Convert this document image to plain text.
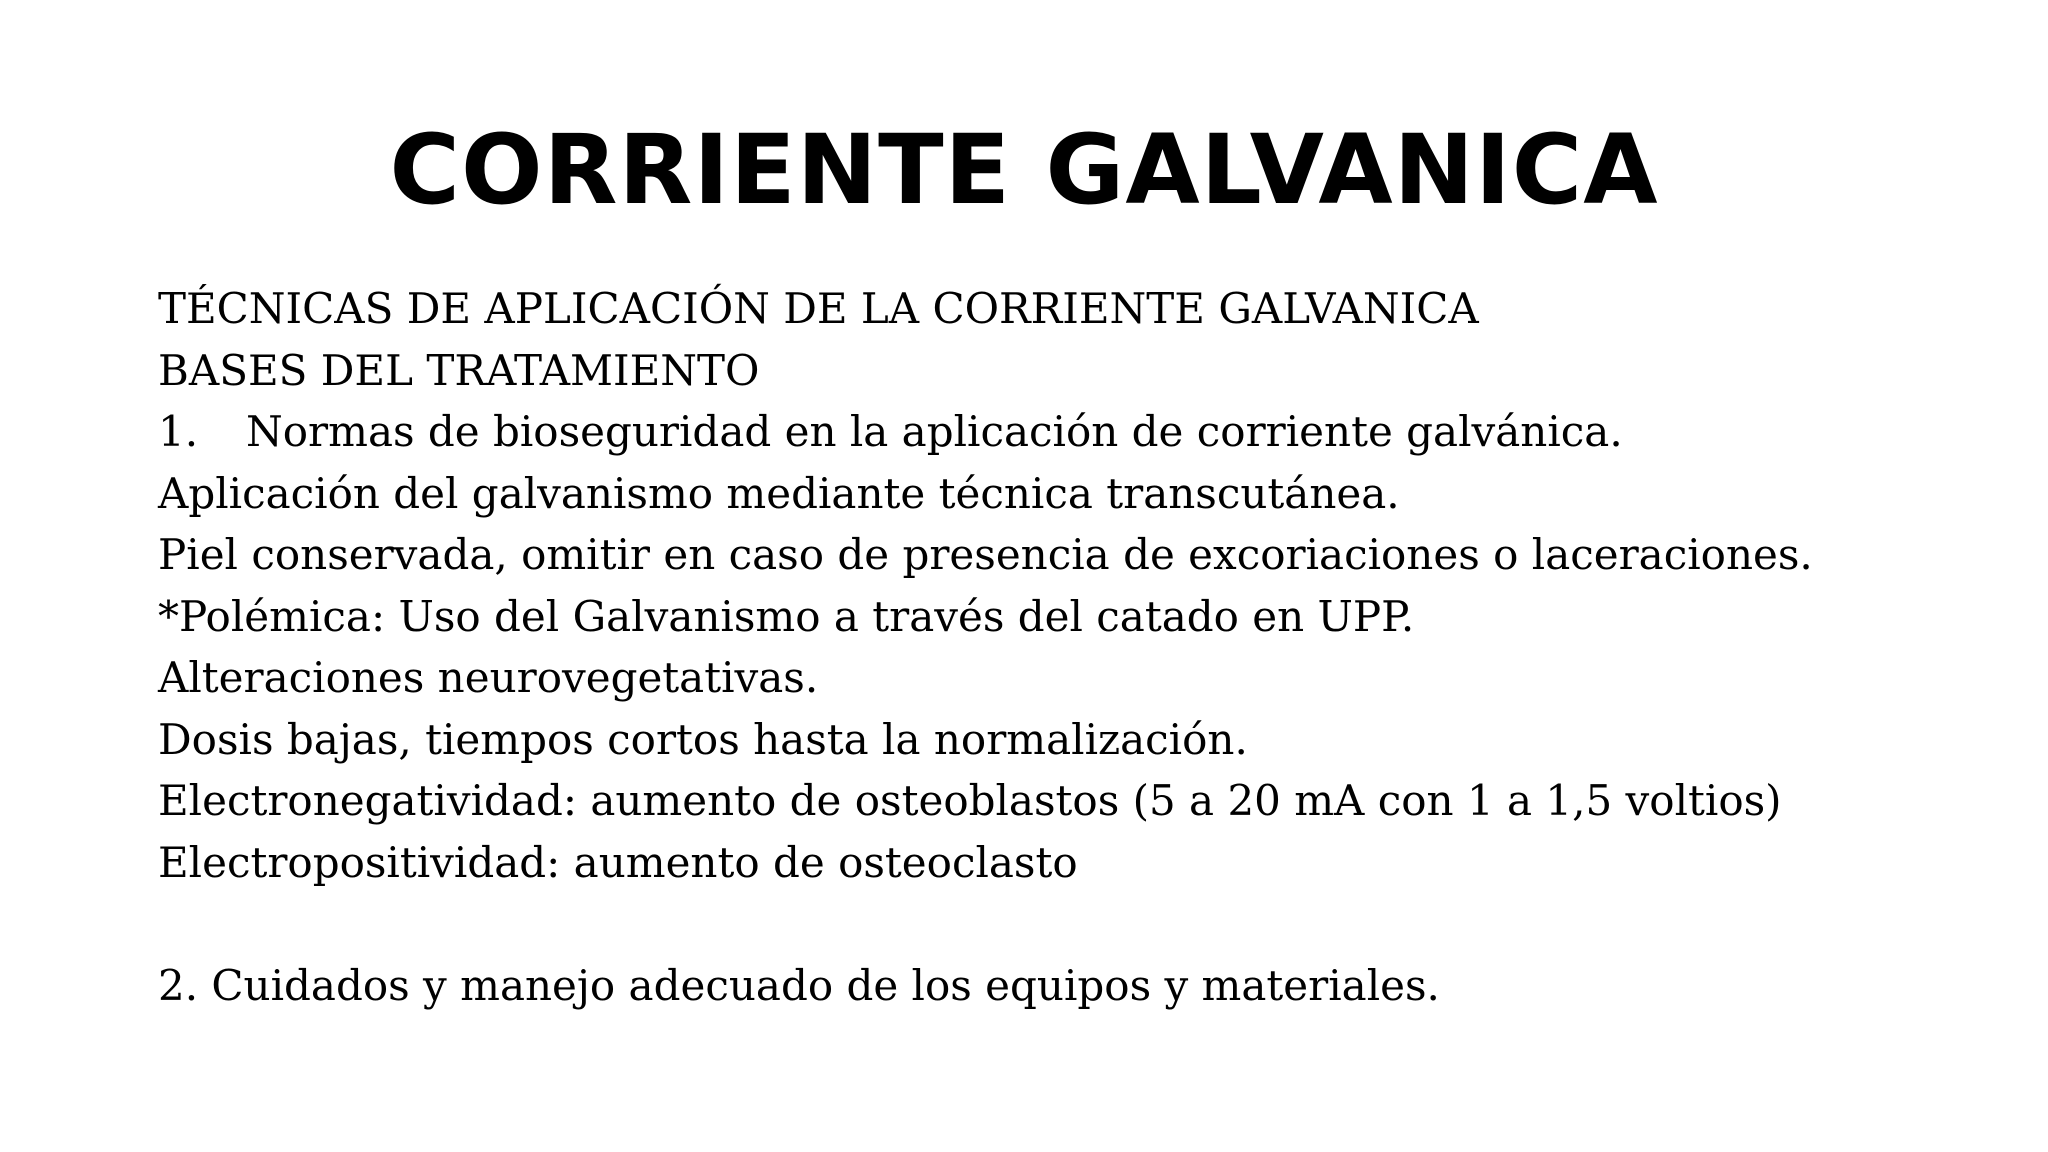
CORRIENTE GALVANICA
TÉCNICAS DE APLICACIÓN DE LA CORRIENTE GALVANICA
BASES DEL TRATAMIENTO
1. Normas de bioseguridad en la aplicación de corriente galvánica.
Aplicación del galvanismo mediante técnica transcutánea.
Piel conservada, omitir en caso de presencia de excoriaciones o laceraciones.
*Polémica: Uso del Galvanismo a través del catado en UPP.
Alteraciones neurovegetativas.
Dosis bajas, tiempos cortos hasta la normalización.
Electronegatividad: aumento de osteoblastos (5 a 20 mA con 1 a 1,5 voltios)
Electropositividad: aumento de osteoclasto
2. Cuidados y manejo adecuado de los equipos y materiales.
